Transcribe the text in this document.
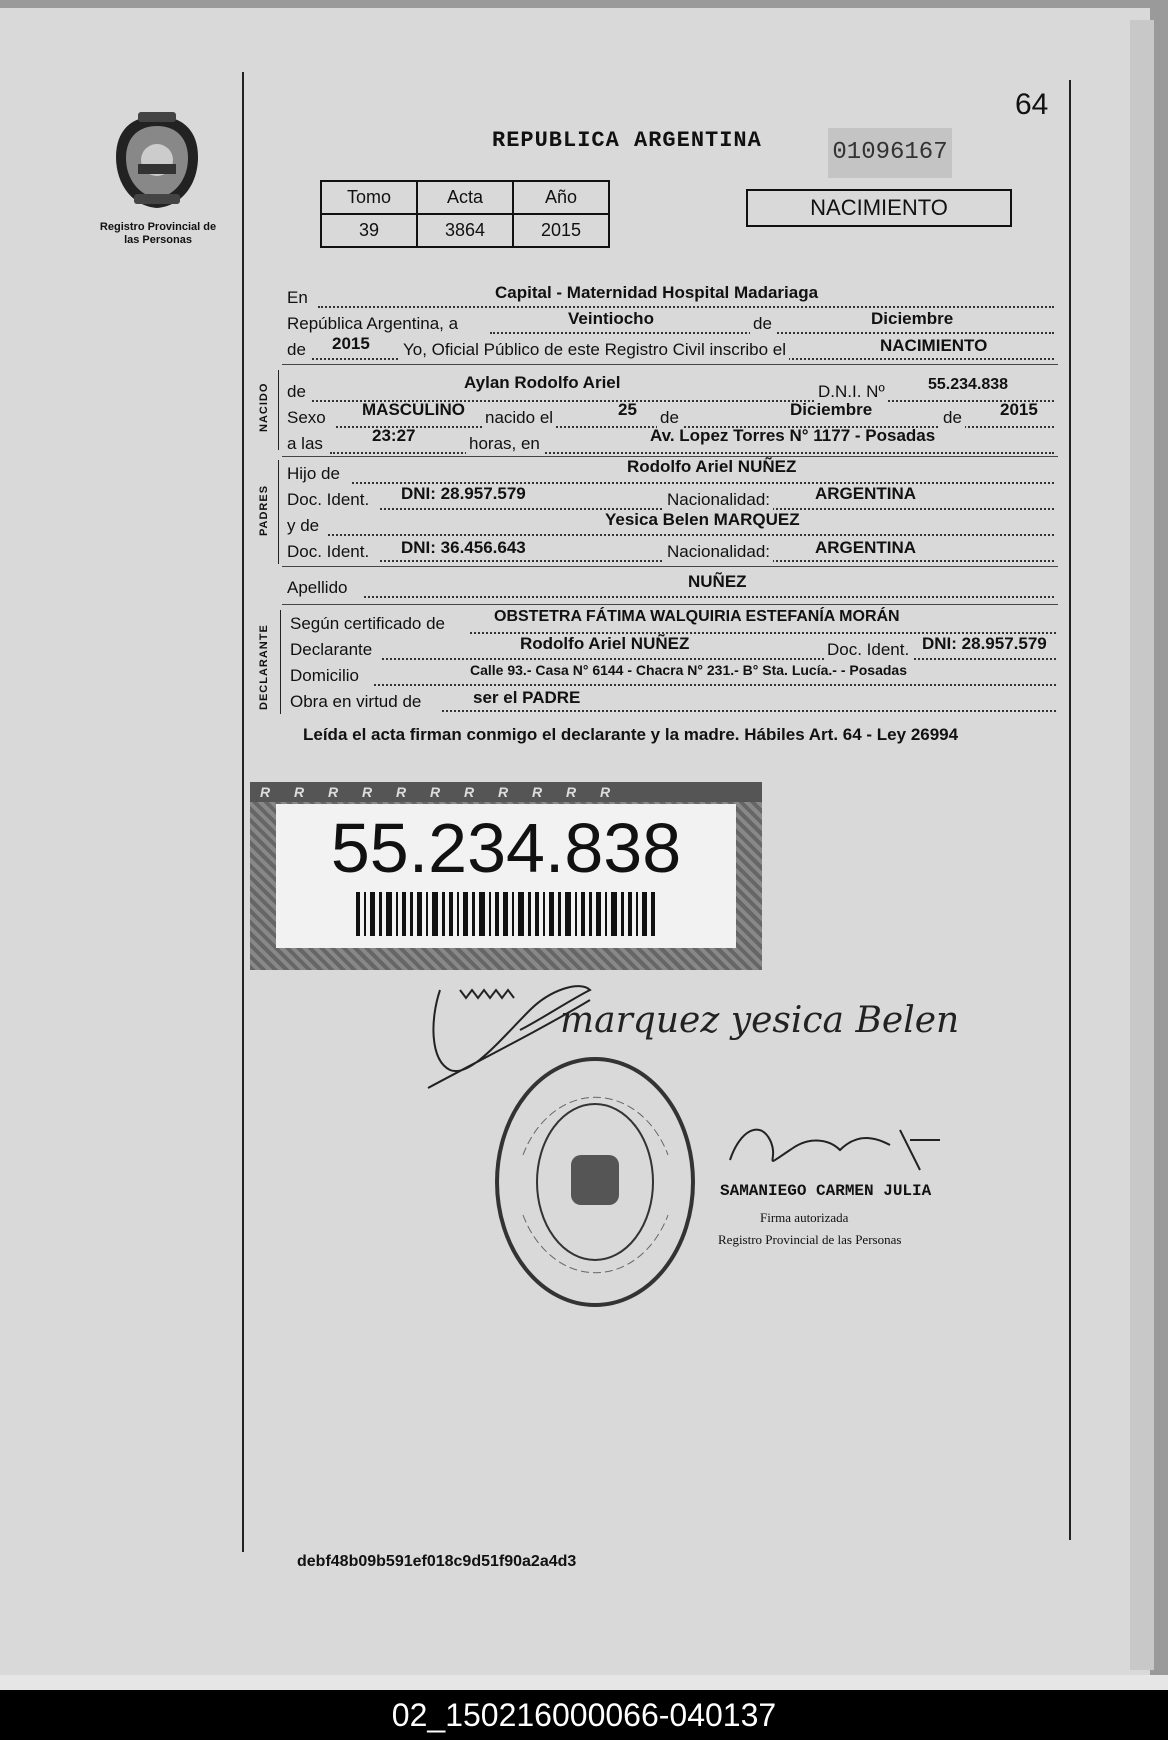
Registro Provincial de las Personas
64
REPUBLICA ARGENTINA	01096167
Tomo	Acta	Año
39	3864	2015
NACIMIENTO
En	Capital - Maternidad Hospital Madariaga
República Argentina, a	Veintiocho	de	Diciembre
de 2015 Yo, Oficial Público de este Registro Civil inscribo el	NACIMIENTO
NACIDO de	Aylan Rodolfo Ariel	D.N.I. Nº	55.234.838
Sexo MASCULINO nacido el	25 de	Diciembre	de 2015
a las	23:27	horas, en	Av. Lopez Torres N° 1177 - Posadas
PADRES
Hijo de	Rodolfo Ariel NUÑEZ
Doc. Ident. DNI: 28.957.579	Nacionalidad:	ARGENTINA
y de	Yesica Belen MARQUEZ
Doc. Ident. DNI: 36.456.643	Nacionalidad:	ARGENTINA
Apellido	NUÑEZ
DECLARANTE
Según certificado de	OBSTETRA FÁTIMA WALQUIRIA ESTEFANÍA MORÁN
Declarante	Rodolfo Ariel NUÑEZ	Doc. Ident. DNI: 28.957.579
Domicilio	Calle 93.- Casa N° 6144 - Chacra N° 231.- B° Sta. Lucía.- - Posadas
Obra en virtud de	ser el PADRE
Leída el acta firman conmigo el declarante y la madre. Hábiles Art. 64 - Ley 26994
R R R R R R R R R R R
55.234.838
marquez yesica Belen
SAMANIEGO CARMEN JULIA
Firma autorizada
Registro Provincial de las Personas
debf48b09b591ef018c9d51f90a2a4d3
02_150216000066-040137
